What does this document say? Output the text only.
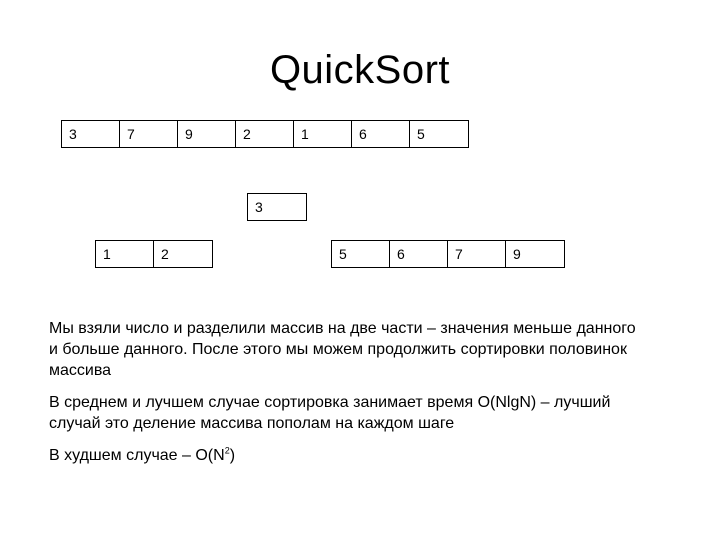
QuickSort
3	7	9	2	1	6	5
3
1	2	5	6	7	9

Мы взяли число и разделили массив на две части – значения меньше данного и больше данного. После этого мы можем продолжить сортировки половинок массива

В среднем и лучшем случае сортировка занимает время O(NlgN) – лучший случай это деление массива пополам на каждом шаге

В худшем случае – $O(N^2)$
